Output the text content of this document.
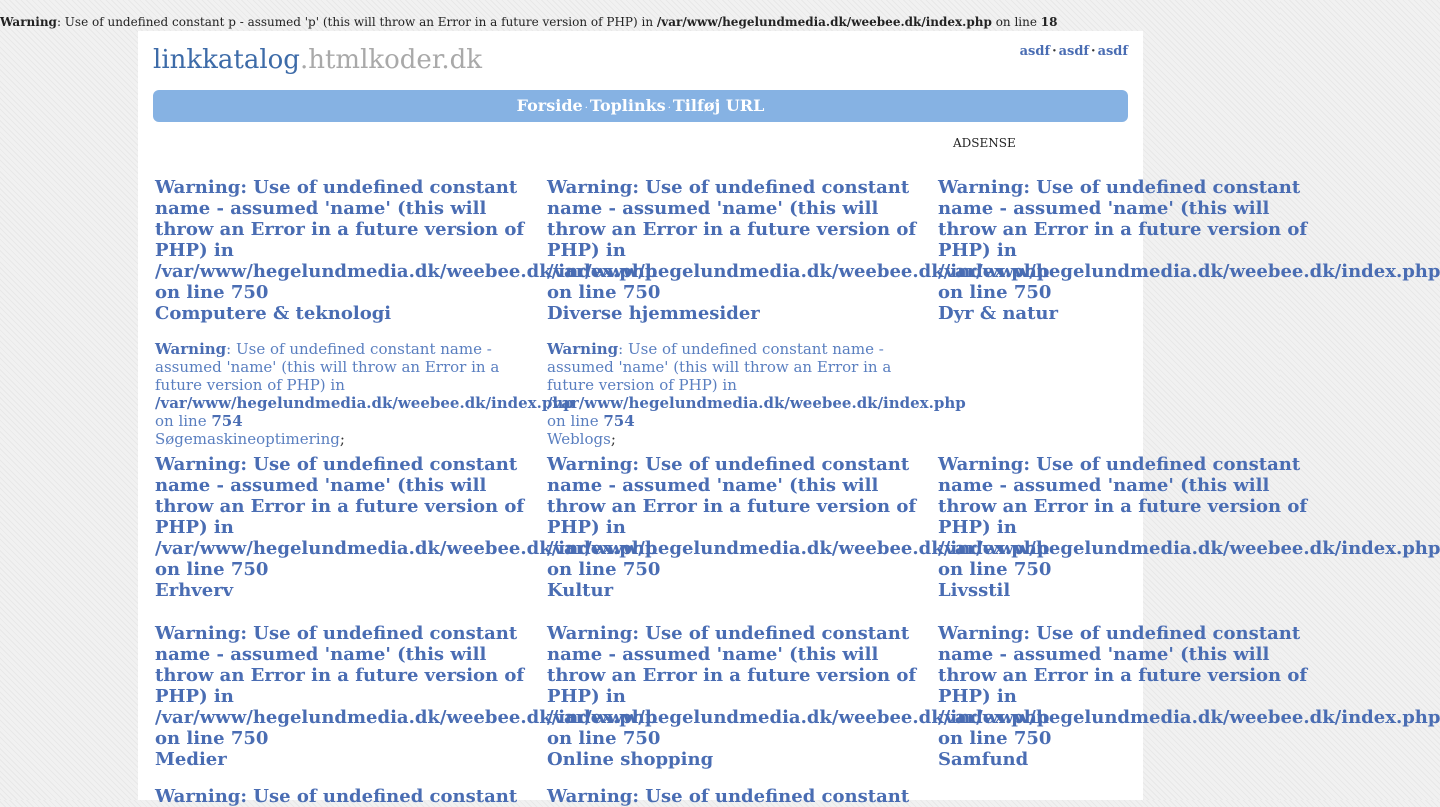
Warning: Use of undefined constant p - assumed 'p' (this will throw an Error in a future version of PHP) in /var/www/hegelundmedia.dk/weebee.dk/index.php on line 18
linkkatalog.htmlkoder.dk	asdf · asdf · asdf
Forside · Toplinks · Tilføj URL
ADSENSE
Warning: Use of undefined constant name - assumed 'name' (this will throw an Error in a future version of PHP) in /var/www/hegelundmedia.dk/weebee.dk/index.php on line 750
Computere & teknologi
Warning: Use of undefined constant name - assumed 'name' (this will throw an Error in a future version of PHP) in /var/www/hegelundmedia.dk/weebee.dk/index.php on line 754
Søgemaskineoptimering;
Warning: Use of undefined constant name - assumed 'name' (this will throw an Error in a future version of PHP) in /var/www/hegelundmedia.dk/weebee.dk/index.php on line 750
Diverse hjemmesider
Warning: Use of undefined constant name - assumed 'name' (this will throw an Error in a future version of PHP) in /var/www/hegelundmedia.dk/weebee.dk/index.php on line 754
Weblogs;
Warning: Use of undefined constant name - assumed 'name' (this will throw an Error in a future version of PHP) in /var/www/hegelundmedia.dk/weebee.dk/index.php on line 750
Dyr & natur
Warning: Use of undefined constant name - assumed 'name' (this will throw an Error in a future version of PHP) in /var/www/hegelundmedia.dk/weebee.dk/index.php on line 750
Erhverv
Warning: Use of undefined constant name - assumed 'name' (this will throw an Error in a future version of PHP) in /var/www/hegelundmedia.dk/weebee.dk/index.php on line 750
Kultur
Warning: Use of undefined constant name - assumed 'name' (this will throw an Error in a future version of PHP) in /var/www/hegelundmedia.dk/weebee.dk/index.php on line 750
Livsstil
Warning: Use of undefined constant name - assumed 'name' (this will throw an Error in a future version of PHP) in /var/www/hegelundmedia.dk/weebee.dk/index.php on line 750
Medier
Warning: Use of undefined constant name - assumed 'name' (this will throw an Error in a future version of PHP) in /var/www/hegelundmedia.dk/weebee.dk/index.php on line 750
Online shopping
Warning: Use of undefined constant name - assumed 'name' (this will throw an Error in a future version of PHP) in /var/www/hegelundmedia.dk/weebee.dk/index.php on line 750
Samfund
Warning: Use of undefined constant	Warning: Use of undefined constant
